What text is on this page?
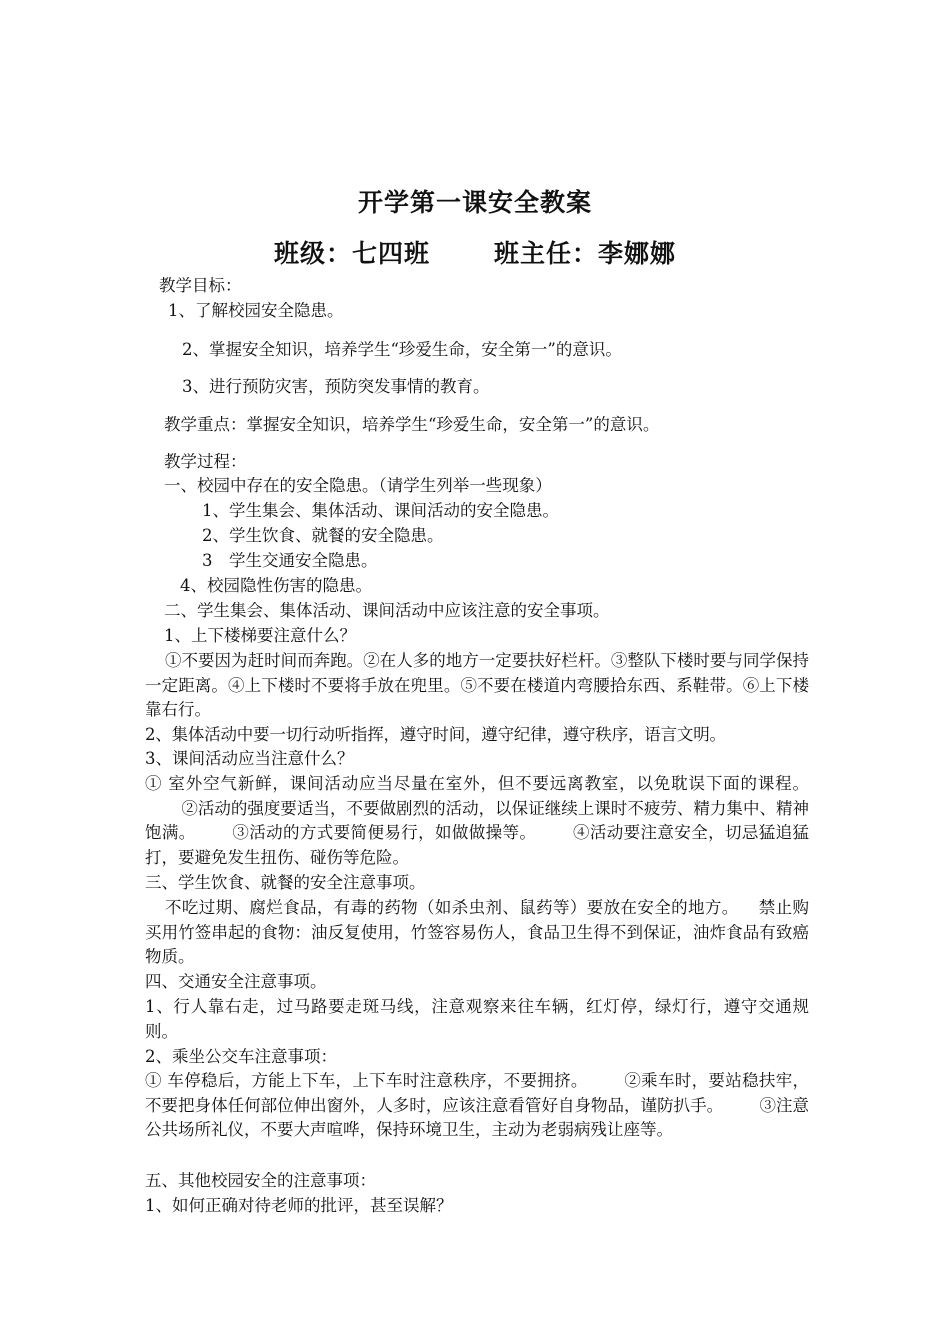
开学第一课安全教案
班级：七四班	班主任：李娜娜
教学目标：
1、了解校园安全隐患。
2、掌握安全知识，培养学生“珍爱生命，安全第一”的意识。
3、进行预防灾害，预防突发事情的教育。
教学重点：掌握安全知识，培养学生“珍爱生命，安全第一”的意识。
教学过程：
一、校园中存在的安全隐患。（请学生列举一些现象）
1、学生集会、集体活动、课间活动的安全隐患。
2、学生饮食、就餐的安全隐患。
3　学生交通安全隐患。
4、校园隐性伤害的隐患。
二、学生集会、集体活动、课间活动中应该注意的安全事项。
1、上下楼梯要注意什么？
①不要因为赶时间而奔跑。②在人多的地方一定要扶好栏杆。③整队下楼时要与同学保持一定距离。④上下楼时不要将手放在兜里。⑤不要在楼道内弯腰拾东西、系鞋带。⑥上下楼靠右行。
2、集体活动中要一切行动听指挥，遵守时间，遵守纪律，遵守秩序，语言文明。
3、课间活动应当注意什么？
① 室外空气新鲜，课间活动应当尽量在室外，但不要远离教室，以免耽误下面的课程。②活动的强度要适当，不要做剧烈的活动，以保证继续上课时不疲劳、精力集中、精神饱满。 ③活动的方式要简便易行，如做做操等。 ④活动要注意安全，切忌猛追猛打，要避免发生扭伤、碰伤等危险。
三、学生饮食、就餐的安全注意事项。
不吃过期、腐烂食品，有毒的药物（如杀虫剂、鼠药等）要放在安全的地方。 禁止购买用竹签串起的食物：油反复使用，竹签容易伤人，食品卫生得不到保证，油炸食品有致癌物质。
四、交通安全注意事项。
1、行人靠右走，过马路要走斑马线，注意观察来往车辆，红灯停，绿灯行，遵守交通规则。
2、乘坐公交车注意事项：
① 车停稳后，方能上下车，上下车时注意秩序，不要拥挤。 ②乘车时，要站稳扶牢，不要把身体任何部位伸出窗外，人多时，应该注意看管好自身物品，谨防扒手。 ③注意公共场所礼仪，不要大声喧哗，保持环境卫生，主动为老弱病残让座等。
五、其他校园安全的注意事项：
1、如何正确对待老师的批评，甚至误解？
